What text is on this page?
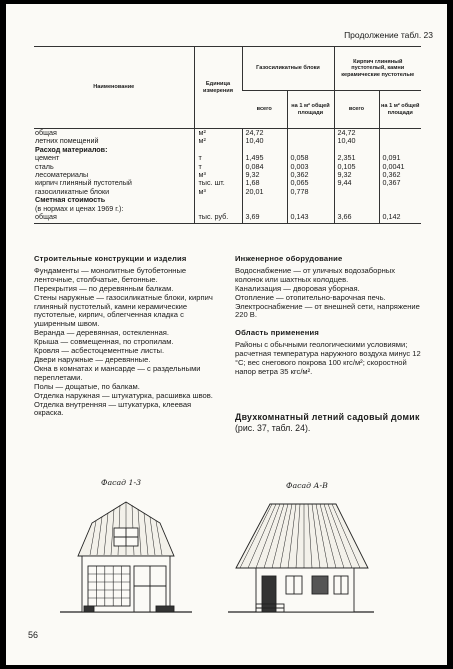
Продолжение табл. 23
Наименование	Единица измерения	Газосиликатные блоки		Кирпич глиняный пустотелый, камни керамические пустотелые	
		всего	на 1 м² общей площади	всего	на 1 м² общей площади
общая	м²	24,72		24,72	
летних помещений	м²	10,40		10,40	
Расход материалов:					
цемент	т	1,495	0,058	2,351	0,091
сталь	т	0,084	0,003	0,105	0,0041
лесоматериалы	м³	9,32	0,362	9,32	0,362
кирпич глиняный пустотелый	тыс. шт.	1,68	0,065	9,44	0,367
газосиликатные блоки	м³	20,01	0,778		
Сметная стоимость					
(в нормах и ценах 1969 г.):					
общая	тыс. руб.	3,69	0,143	3,66	0,142
Строительные конструкции и изделия

Фундаменты — монолитные бутобетонные ленточные, столбчатые, бетонные.

Перекрытия — по деревянным балкам.

Стены наружные — газосиликатные блоки, кирпич глиняный пустотелый, камни керамические пустотелые, кирпич, облегченная кладка с уширенным швом.

Веранда — деревянная, остекленная.

Крыша — совмещенная, по стропилам.

Кровля — асбестоцементные листы.

Двери наружные — деревянные.

Окна в комнатах и мансарде — с раздельными переплетами.

Полы — дощатые, по балкам.

Отделка наружная — штукатурка, расшивка швов.

Отделка внутренняя — штукатурка, клеевая окраска.

Инженерное оборудование

Водоснабжение — от уличных водозаборных колонок или шахтных колодцев.

Канализация — дворовая уборная.

Отопление — отопительно-варочная печь.

Электроснабжение — от внешней сети, напряжение 220 В.

Область применения

Районы с обычными геологическими условиями; расчетная температура наружного воздуха минус 12 °С; вес снегового покрова 100 кгс/м²; скоростной напор ветра 35 кгс/м².

Двухкомнатный летний садовый домик (рис. 37, табл. 24).
Фасад 1-3	Фасад А-В
56
